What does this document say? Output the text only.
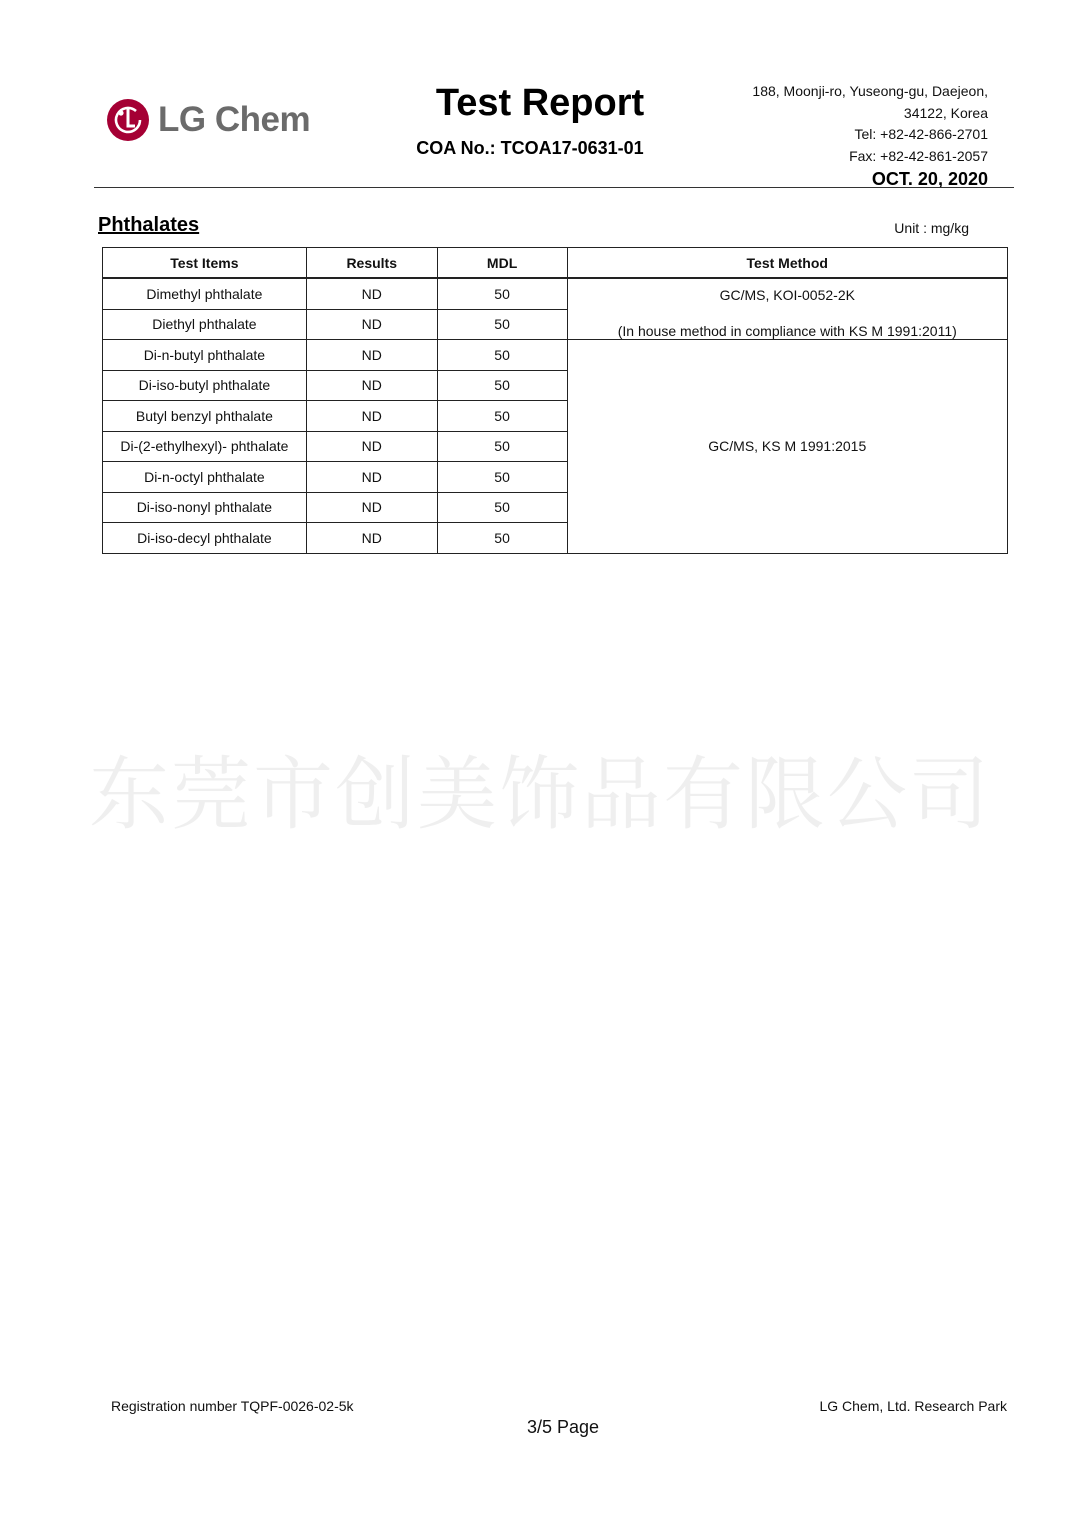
LG Chem	Test Report
COA No.: TCOA17-0631-01
188, Moonji-ro, Yuseong-gu, Daejeon,
34122, Korea
Tel: +82-42-866-2701
Fax: +82-42-861-2057
OCT. 20, 2020
Phthalates	Unit : mg/kg
Test Items	Results	MDL	Test Method
Dimethyl phthalate	ND	50	GC/MS, KOI-0052-2K
(In house method in compliance with KS M 1991:2011)

Diethyl phthalate	ND	50	
Di-n-butyl phthalate	ND	50	GC/MS, KS M 1991:2015
Di-iso-butyl phthalate	ND	50	
Butyl benzyl phthalate	ND	50	
Di-(2-ethylhexyl)- phthalate	ND	50	
Di-n-octyl phthalate	ND	50	
Di-iso-nonyl phthalate	ND	50	
Di-iso-decyl phthalate	ND	50	
东莞市创美饰品有限公司
Registration number TQPF-0026-02-5k	LG Chem, Ltd. Research Park
3/5 Page
